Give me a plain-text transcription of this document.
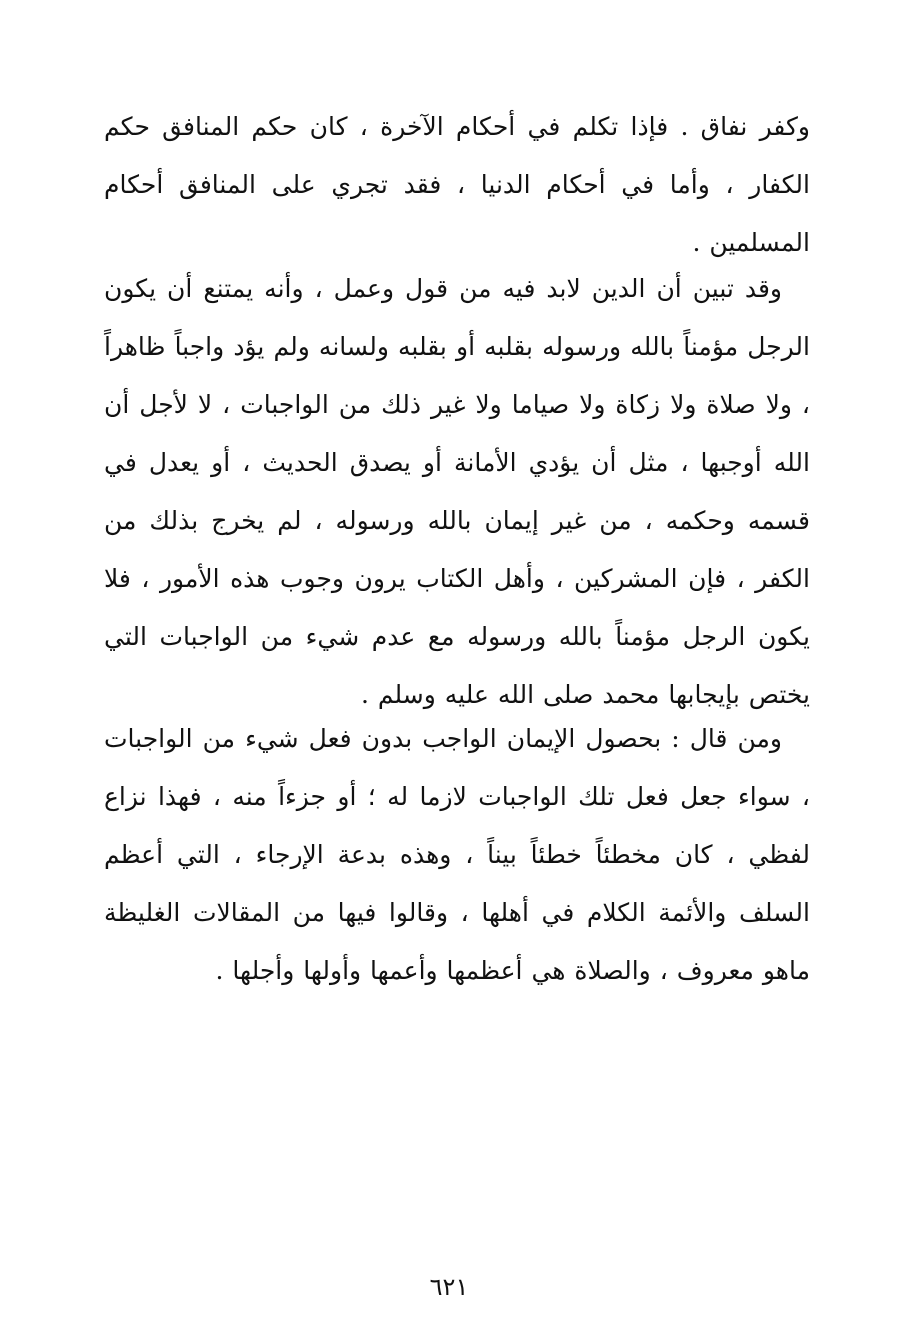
وكفر نفاق . فإذا تكلم في أحكام الآخرة ، كان حكم المنافق حكم الكفار ، وأما في أحكام الدنيا ، فقد تجري على المنافق أحكام المسلمين .

وقد تبين أن الدين لابد فيه من قول وعمل ، وأنه يمتنع أن يكون الرجل مؤمناً بالله ورسوله بقلبه أو بقلبه ولسانه ولم يؤد واجباً ظاهراً ، ولا صلاة ولا زكاة ولا صياما ولا غير ذلك من الواجبات ، لا لأجل أن الله أوجبها ، مثل أن يؤدي الأمانة أو يصدق الحديث ، أو يعدل في قسمه وحكمه ، من غير إيمان بالله ورسوله ، لم يخرج بذلك من الكفر ، فإن المشركين ، وأهل الكتاب يرون وجوب هذه الأمور ، فلا يكون الرجل مؤمناً بالله ورسوله مع عدم شيء من الواجبات التي يختص بإيجابها محمد صلى الله عليه وسلم .

ومن قال : بحصول الإيمان الواجب بدون فعل شيء من الواجبات ، سواء جعل فعل تلك الواجبات لازما له ؛ أو جزءاً منه ، فهذا نزاع لفظي ، كان مخطئاً خطئاً بيناً ، وهذه بدعة الإرجاء ، التي أعظم السلف والأئمة الكلام في أهلها ، وقالوا فيها من المقالات الغليظة ماهو معروف ، والصلاة هي أعظمها وأعمها وأولها وأجلها .

٦٢١
